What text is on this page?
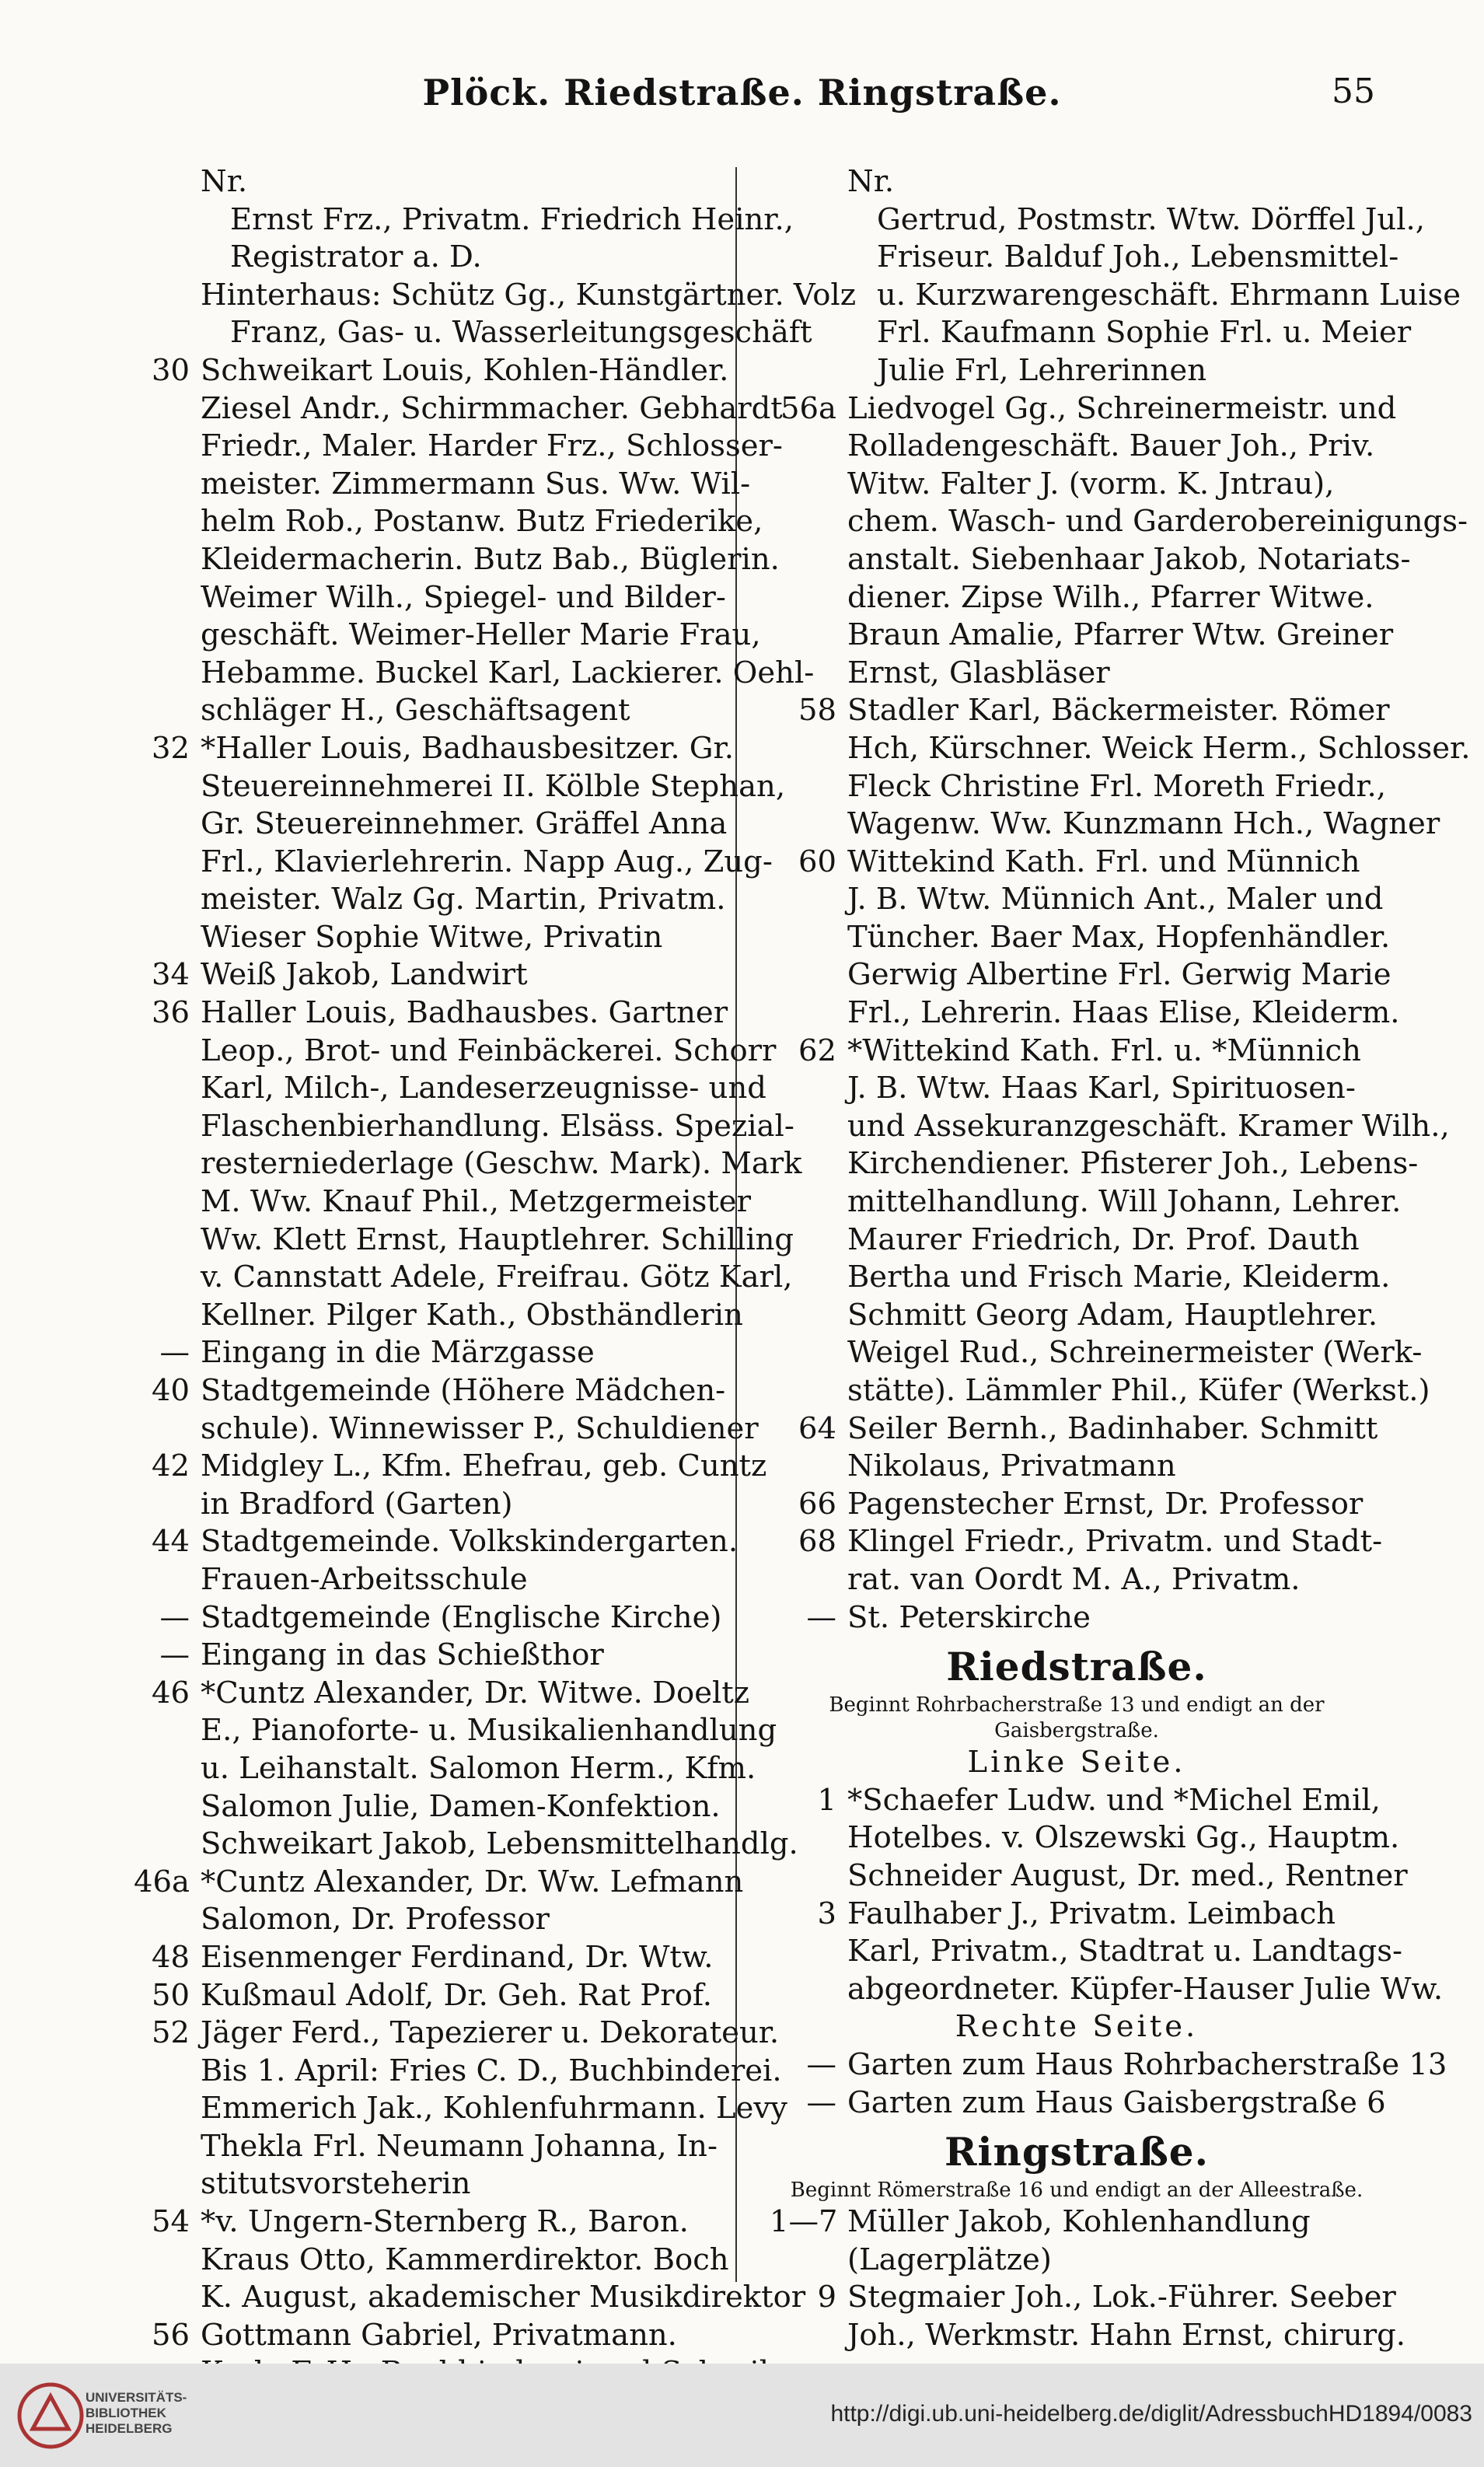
Plöck. Riedstraße. Ringstraße.	55
Nr.
Ernst Frz., Privatm. Friedrich Heinr.,
Registrator a. D.
Hinterhaus: Schütz Gg., Kunstgärtner. Volz
Franz, Gas- u. Wasserleitungsgeschäft
30 Schweikart Louis, Kohlen-Händler.
Ziesel Andr., Schirmmacher. Gebhardt
Friedr., Maler. Harder Frz., Schlosser-
meister. Zimmermann Sus. Ww. Wil-
helm Rob., Postanw. Butz Friederike,
Kleidermacherin. Butz Bab., Büglerin.
Weimer Wilh., Spiegel- und Bilder-
geschäft. Weimer-Heller Marie Frau,
Hebamme. Buckel Karl, Lackierer. Oehl-
schläger H., Geschäftsagent
32 *Haller Louis, Badhausbesitzer. Gr.
Steuereinnehmerei II. Kölble Stephan,
Gr. Steuereinnehmer. Gräffel Anna
Frl., Klavierlehrerin. Napp Aug., Zug-
meister. Walz Gg. Martin, Privatm.
Wieser Sophie Witwe, Privatin
34 Weiß Jakob, Landwirt
36 Haller Louis, Badhausbes. Gartner
Leop., Brot- und Feinbäckerei. Schorr
Karl, Milch-, Landeserzeugnisse- und
Flaschenbierhandlung. Elsäss. Spezial-
resterniederlage (Geschw. Mark). Mark
M. Ww. Knauf Phil., Metzgermeister
Ww. Klett Ernst, Hauptlehrer. Schilling
v. Cannstatt Adele, Freifrau. Götz Karl,
Kellner. Pilger Kath., Obsthändlerin
— Eingang in die Märzgasse
40 Stadtgemeinde (Höhere Mädchen-
schule). Winnewisser P., Schuldiener
42 Midgley L., Kfm. Ehefrau, geb. Cuntz
in Bradford (Garten)
44 Stadtgemeinde. Volkskindergarten.
Frauen-Arbeitsschule
— Stadtgemeinde (Englische Kirche)
— Eingang in das Schießthor
46 *Cuntz Alexander, Dr. Witwe. Doeltz
E., Pianoforte- u. Musikalienhandlung
u. Leihanstalt. Salomon Herm., Kfm.
Salomon Julie, Damen-Konfektion.
Schweikart Jakob, Lebensmittelhandlg.
46a *Cuntz Alexander, Dr. Ww. Lefmann
Salomon, Dr. Professor
48 Eisenmenger Ferdinand, Dr. Wtw.
50 Kußmaul Adolf, Dr. Geh. Rat Prof.
52 Jäger Ferd., Tapezierer u. Dekorateur.
Bis 1. April: Fries C. D., Buchbinderei.
Emmerich Jak., Kohlenfuhrmann. Levy
Thekla Frl. Neumann Johanna, In-
stitutsvorsteherin
54 *v. Ungern-Sternberg R., Baron.
Kraus Otto, Kammerdirektor. Boch
K. August, akademischer Musikdirektor
56 Gottmann Gabriel, Privatmann.
Nr.
Gertrud, Postmstr. Wtw. Dörffel Jul.,
Friseur. Balduf Joh., Lebensmittel-
u. Kurzwarengeschäft. Ehrmann Luise
Frl. Kaufmann Sophie Frl. u. Meier
Julie Frl, Lehrerinnen
56a Liedvogel Gg., Schreinermeistr. und
Rolladengeschäft. Bauer Joh., Priv.
Witw. Falter J. (vorm. K. Jntrau),
chem. Wasch- und Garderobereinigungs-
anstalt. Siebenhaar Jakob, Notariats-
diener. Zipse Wilh., Pfarrer Witwe.
Braun Amalie, Pfarrer Wtw. Greiner
Ernst, Glasbläser
58 Stadler Karl, Bäckermeister. Römer
Hch, Kürschner. Weick Herm., Schlosser.
Fleck Christine Frl. Moreth Friedr.,
Wagenw. Ww. Kunzmann Hch., Wagner
60 Wittekind Kath. Frl. und Münnich
J. B. Wtw. Münnich Ant., Maler und
Tüncher. Baer Max, Hopfenhändler.
Gerwig Albertine Frl. Gerwig Marie
Frl., Lehrerin. Haas Elise, Kleiderm.
62 *Wittekind Kath. Frl. u. *Münnich
J. B. Wtw. Haas Karl, Spirituosen-
und Assekuranzgeschäft. Kramer Wilh.,
Kirchendiener. Pfisterer Joh., Lebens-
mittelhandlung. Will Johann, Lehrer.
Maurer Friedrich, Dr. Prof. Dauth
Bertha und Frisch Marie, Kleiderm.
Schmitt Georg Adam, Hauptlehrer.
Weigel Rud., Schreinermeister (Werk-
stätte). Lämmler Phil., Küfer (Werkst.)
64 Seiler Bernh., Badinhaber. Schmitt
Nikolaus, Privatmann
66 Pagenstecher Ernst, Dr. Professor
68 Klingel Friedr., Privatm. und Stadt-
rat. van Oordt M. A., Privatm.
— St. Peterskirche
Riedstraße.
Beginnt Rohrbacherstraße 13 und endigt an der
Gaisbergstraße.
Linke Seite.
1 *Schaefer Ludw. und *Michel Emil,
Hotelbes. v. Olszewski Gg., Hauptm.
Schneider August, Dr. med., Rentner
3 Faulhaber J., Privatm. Leimbach
Karl, Privatm., Stadtrat u. Landtags-
abgeordneter. Küpfer-Hauser Julie Ww.
Rechte Seite.
— Garten zum Haus Rohrbacherstraße 13
— Garten zum Haus Gaisbergstraße 6
Ringstraße.
Beginnt Römerstraße 16 und endigt an der Alleestraße.
1—7 Müller Jakob, Kohlenhandlung
(Lagerplätze)
9 Stegmaier Joh., Lok.-Führer. Seeber
Joh., Werkmstr. Hahn Ernst, chirurg.
UNIVERSITÄTS-
BIBLIOTHEK
HEIDELBERG
http://digi.ub.uni-heidelberg.de/diglit/AdressbuchHD1894/0083
